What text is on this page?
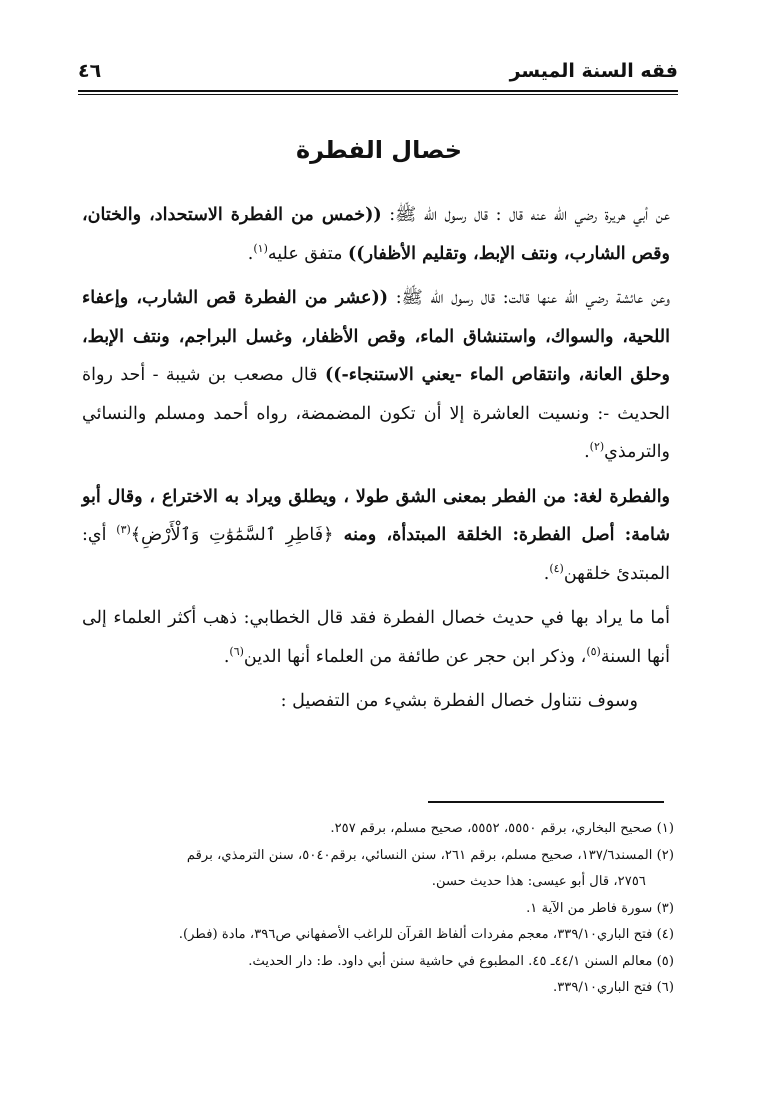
فقه السنة الميسر
٤٦
خصال الفطرة

عن أبي هريرة رضي الله عنه قال : قال رسول الله ﷺ: ((خمس من الفطرة الاستحداد، والختان، وقص الشارب، ونتف الإبط، وتقليم الأظفار)) متفق عليه$^{(١)}$.

وعن عائشة رضي الله عنها قالت: قال رسول الله ﷺ: ((عشر من الفطرة قص الشارب، وإعفاء اللحية، والسواك، واستنشاق الماء، وقص الأظفار، وغسل البراجم، ونتف الإبط، وحلق العانة، وانتقاص الماء -يعني الاستنجاء-)) قال مصعب بن شيبة - أحد رواة الحديث -: ونسيت العاشرة إلا أن تكون المضمضة، رواه أحمد ومسلم والنسائي والترمذي$^{(٢)}$.

والفطرة لغة: من الفطر بمعنى الشق طولا ، ويطلق ويراد به الاختراع ، وقال أبو شامة: أصل الفطرة: الخلقة المبتدأة، ومنه ﴿فَاطِرِ ٱلسَّمَٰوَٰتِ وَٱلْأَرْضِ﴾$^{(٣)}$ أي: المبتدئ خلقهن$^{(٤)}$.

أما ما يراد بها في حديث خصال الفطرة فقد قال الخطابي: ذهب أكثر العلماء إلى أنها السنة$^{(٥)}$، وذكر ابن حجر عن طائفة من العلماء أنها الدين$^{(٦)}$.

وسوف نتناول خصال الفطرة بشيء من التفصيل :

(١) صحيح البخاري، برقم ٥٥٥٠، ٥٥٥٢، صحيح مسلم، برقم ٢٥٧.

(٢) المسند١٣٧/٦، صحيح مسلم، برقم ٢٦١، سنن النسائي، برقم٥٠٤٠، سنن الترمذي، برقم

٢٧٥٦، قال أبو عيسى: هذا حديث حسن.

(٣) سورة فاطر من الآية ١.

(٤) فتح الباري٣٣٩/١٠، معجم مفردات ألفاظ القرآن للراغب الأصفهاني ص٣٩٦، مادة (فطر).

(٥) معالم السنن ٤٤/١ـ ٤٥. المطبوع في حاشية سنن أبي داود. ط: دار الحديث.

(٦) فتح الباري٣٣٩/١٠.
